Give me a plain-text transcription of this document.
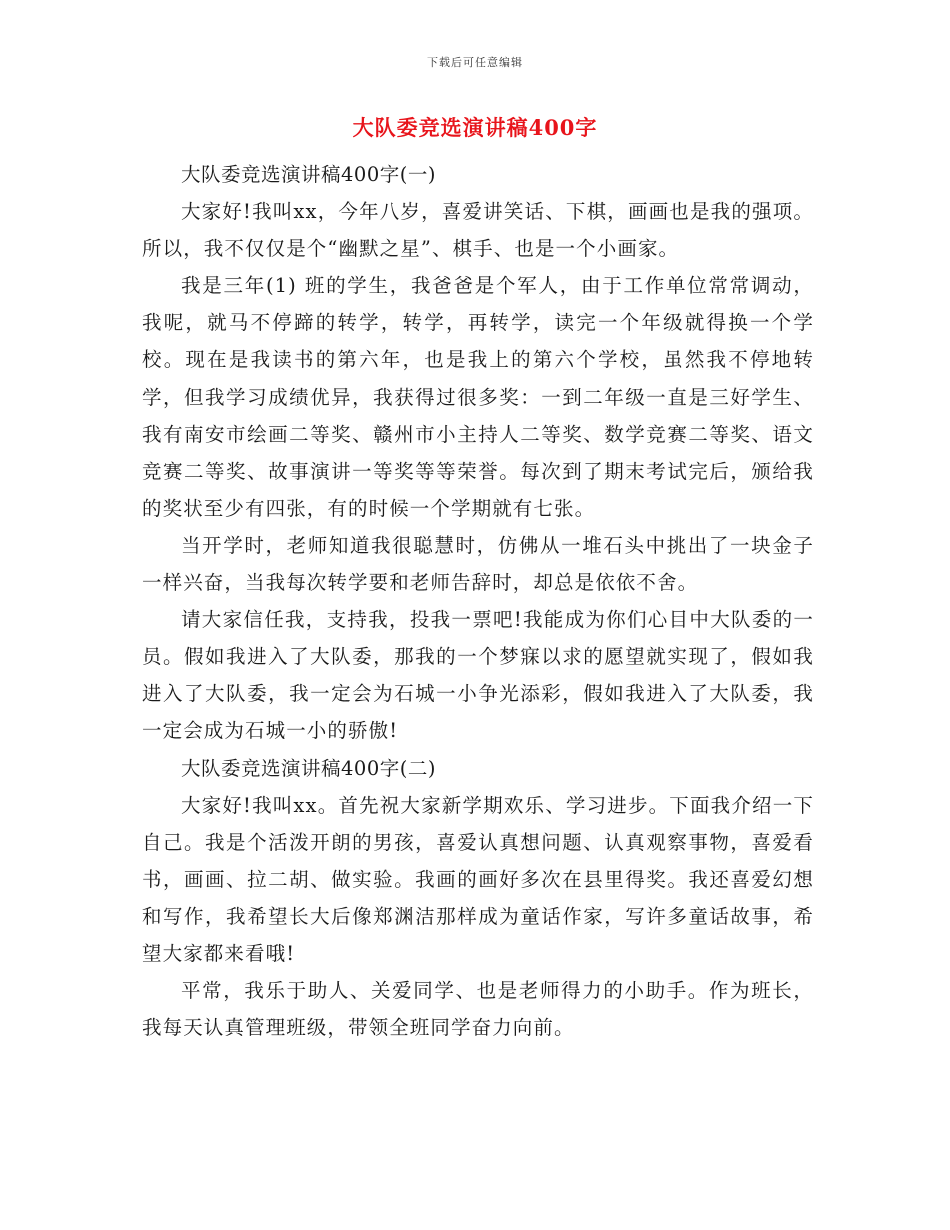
下载后可任意编辑
大队委竞选演讲稿400字

大队委竞选演讲稿400字(一)

大家好!我叫xx，今年八岁，喜爱讲笑话、下棋，画画也是我的强项。所以，我不仅仅是个“幽默之星”、棋手、也是一个小画家。

我是三年(1) 班的学生，我爸爸是个军人，由于工作单位常常调动，我呢，就马不停蹄的转学，转学，再转学，读完一个年级就得换一个学校。现在是我读书的第六年，也是我上的第六个学校，虽然我不停地转学，但我学习成绩优异，我获得过很多奖：一到二年级一直是三好学生、我有南安市绘画二等奖、赣州市小主持人二等奖、数学竞赛二等奖、语文竞赛二等奖、故事演讲一等奖等等荣誉。每次到了期末考试完后，颁给我的奖状至少有四张，有的时候一个学期就有七张。

当开学时，老师知道我很聪慧时，仿佛从一堆石头中挑出了一块金子一样兴奋，当我每次转学要和老师告辞时，却总是依依不舍。

请大家信任我，支持我，投我一票吧!我能成为你们心目中大队委的一员。假如我进入了大队委，那我的一个梦寐以求的愿望就实现了，假如我进入了大队委，我一定会为石城一小争光添彩，假如我进入了大队委，我一定会成为石城一小的骄傲!

大队委竞选演讲稿400字(二)

大家好!我叫xx。首先祝大家新学期欢乐、学习进步。下面我介绍一下自己。我是个活泼开朗的男孩，喜爱认真想问题、认真观察事物，喜爱看书，画画、拉二胡、做实验。我画的画好多次在县里得奖。我还喜爱幻想和写作，我希望长大后像郑渊洁那样成为童话作家，写许多童话故事，希望大家都来看哦!

平常，我乐于助人、关爱同学、也是老师得力的小助手。作为班长，我每天认真管理班级，带领全班同学奋力向前。
